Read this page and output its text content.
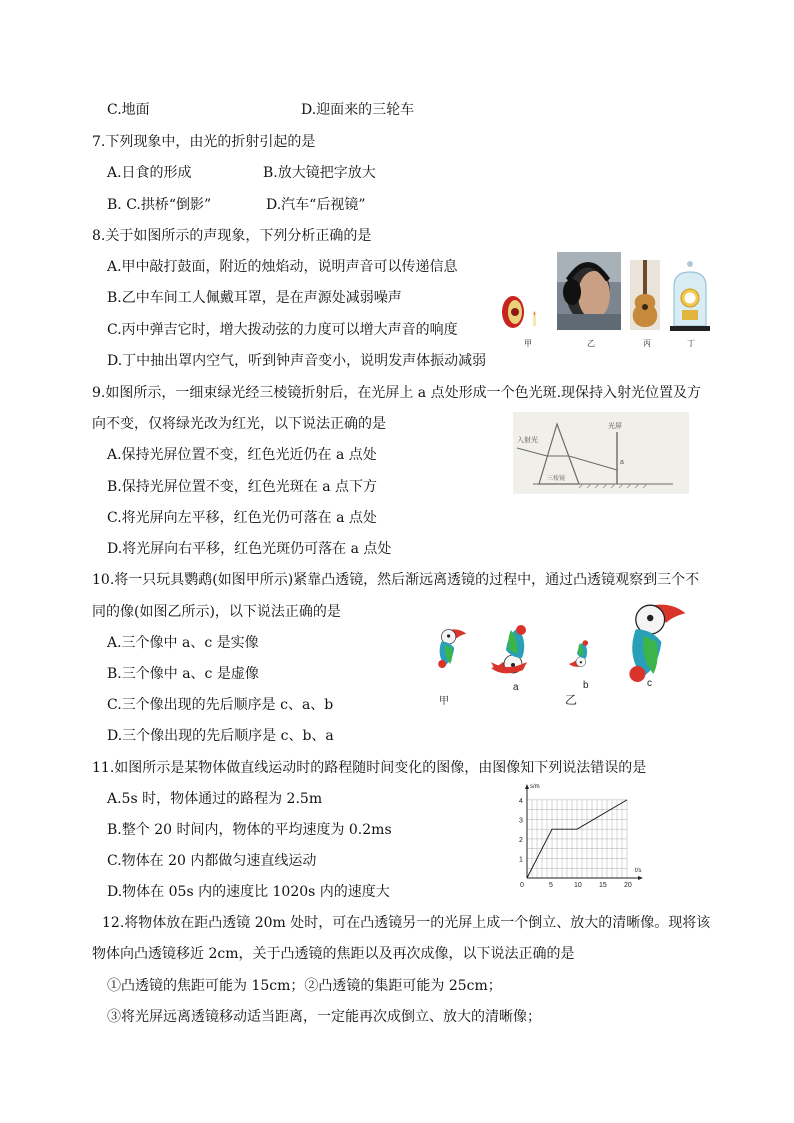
C.地面	D.迎面来的三轮车
7.下列现象中，由光的折射引起的是
A.日食的形成	B.放大镜把字放大
B. C.拱桥“倒影”	D.汽车“后视镜”
8.关于如图所示的声现象，下列分析正确的是
A.甲中敲打鼓面，附近的烛焰动，说明声音可以传递信息
B.乙中车间工人佩戴耳罩，是在声源处减弱噪声
C.丙中弹吉它时，增大拨动弦的力度可以增大声音的响度
D.丁中抽出罩内空气，听到钟声音变小，说明发声体振动减弱
甲	乙	丙	丁
9.如图所示，一细束绿光经三棱镜折射后，在光屏上 a 点处形成一个色光斑.现保持入射光位置及方
向不变，仅将绿光改为红光，以下说法正确的是
A.保持光屏位置不变，红色光近仍在 a 点处
B.保持光屏位置不变，红色光斑在 a 点下方
C.将光屏向左平移，红色光仍可落在 a 点处
D.将光屏向右平移，红色光斑仍可落在 a 点处
入射光
光屏
a
三棱镜
10.将一只玩具鹦鹉(如图甲所示)紧靠凸透镜，然后渐远离透镜的过程中，通过凸透镜观察到三个不
同的像(如图乙所示)，以下说法正确的是
A.三个像中 a、c 是实像
B.三个像中 a、c 是虚像
C.三个像出现的先后顺序是 c、a、b
D.三个像出现的先后顺序是 c、b、a
甲
a	b
乙
c
11.如图所示是某物体做直线运动时的路程随时间变化的图像，由图像知下列说法错误的是
A.5s 时，物体通过的路程为 2.5m
B.整个 20 时间内，物体的平均速度为 0.2ms
C.物体在 20 内都做匀速直线运动
D.物体在 05s 内的速度比 1020s 内的速度大	0	5	10 15 20
1
2
3
4
s/m
t/s
12.将物体放在距凸透镜 20m 处时，可在凸透镜另一的光屏上成一个倒立、放大的清晰像。现将该
物体向凸透镜移近 2cm，关于凸透镜的焦距以及再次成像，以下说法正确的是
①凸透镜的焦距可能为 15cm；②凸透镜的集距可能为 25cm；
③将光屏远离透镜移动适当距离，一定能再次成倒立、放大的清晰像；
